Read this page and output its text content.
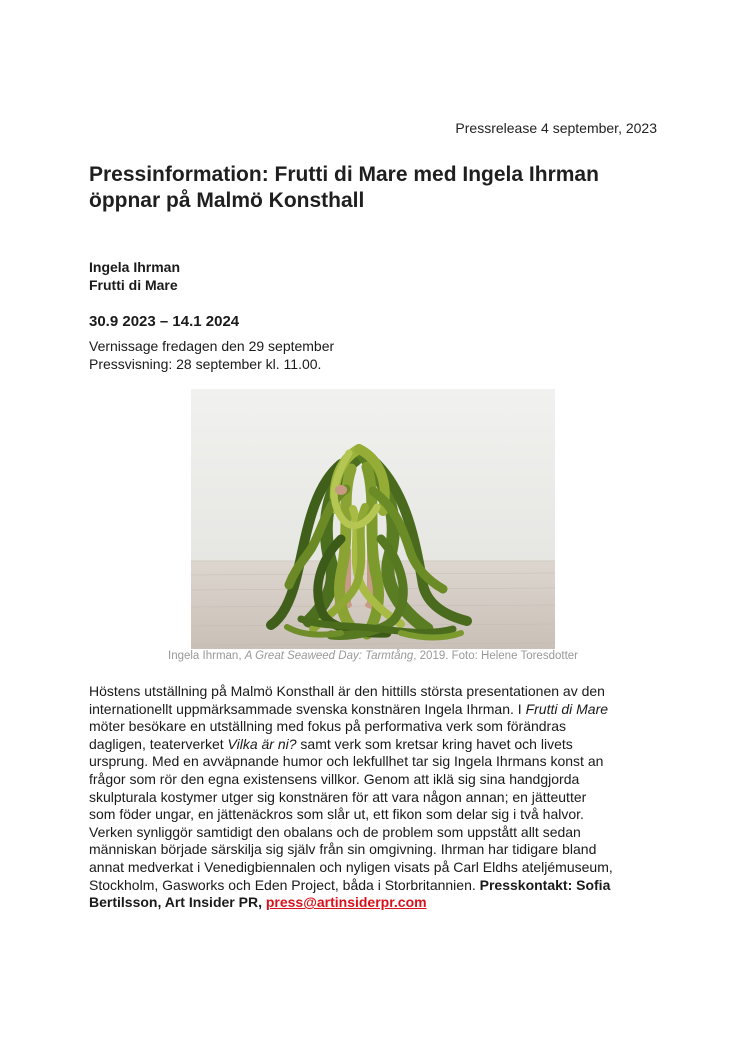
Pressrelease 4 september, 2023
Pressinformation: Frutti di Mare med Ingela Ihrman
öppnar på Malmö Konsthall
Ingela Ihrman
Frutti di Mare
30.9 2023 – 14.1 2024
Vernissage fredagen den 29 september
Pressvisning: 28 september kl. 11.00.
Ingela Ihrman, A Great Seaweed Day: Tarmtång, 2019. Foto: Helene Toresdotter
Höstens utställning på Malmö Konsthall är den hittills största presentationen av den
internationellt uppmärksammade svenska konstnären Ingela Ihrman. I Frutti di Mare
möter besökare en utställning med fokus på performativa verk som förändras
dagligen, teaterverket Vilka är ni? samt verk som kretsar kring havet och livets
ursprung. Med en avväpnande humor och lekfullhet tar sig Ingela Ihrmans konst an
frågor som rör den egna existensens villkor. Genom att iklä sig sina handgjorda
skulpturala kostymer utger sig konstnären för att vara någon annan; en jätteutter
som föder ungar, en jättenäckros som slår ut, ett fikon som delar sig i två halvor.
Verken synliggör samtidigt den obalans och de problem som uppstått allt sedan
människan började särskilja sig själv från sin omgivning. Ihrman har tidigare bland
annat medverkat i Venedigbiennalen och nyligen visats på Carl Eldhs ateljémuseum,
Stockholm, Gasworks och Eden Project, båda i Storbritannien. Presskontakt: Sofia
Bertilsson, Art Insider PR, press@artinsiderpr.com
